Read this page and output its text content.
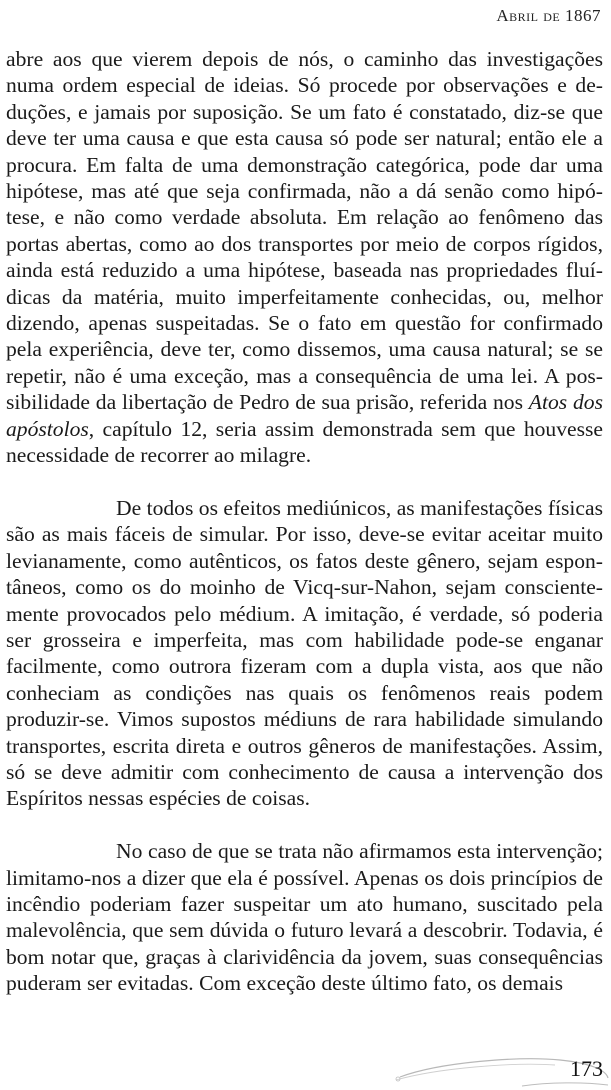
Abril de 1867

abre aos que vierem depois de nós, o caminho das investigações numa ordem especial de ideias. Só procede por observações e deduções, e jamais por suposição. Se um fato é constatado, diz-se que deve ter uma causa e que esta causa só pode ser natural; então ele a procura. Em falta de uma demonstração categórica, pode dar uma hipótese, mas até que seja confirmada, não a dá senão como hipótese, e não como verdade absoluta. Em relação ao fenômeno das portas abertas, como ao dos transportes por meio de corpos rígidos, ainda está reduzido a uma hipótese, baseada nas propriedades fluídicas da matéria, muito imperfeitamente conhecidas, ou, melhor dizendo, apenas suspeitadas. Se o fato em questão for confirmado pela experiência, deve ter, como dissemos, uma causa natural; se se repetir, não é uma exceção, mas a consequência de uma lei. A possibilidade da libertação de Pedro de sua prisão, referida nos Atos dos apóstolos, capítulo 12, seria assim demonstrada sem que houvesse necessidade de recorrer ao milagre.

De todos os efeitos mediúnicos, as manifestações físicas são as mais fáceis de simular. Por isso, deve-se evitar aceitar muito levianamente, como autênticos, os fatos deste gênero, sejam espontâneos, como os do moinho de Vicq-sur-Nahon, sejam conscientemente provocados pelo médium. A imitação, é verdade, só poderia ser grosseira e imperfeita, mas com habilidade pode-se enganar facilmente, como outrora fizeram com a dupla vista, aos que não conheciam as condições nas quais os fenômenos reais podem produzir-se. Vimos supostos médiuns de rara habilidade simulando transportes, escrita direta e outros gêneros de manifestações. Assim, só se deve admitir com conhecimento de causa a intervenção dos Espíritos nessas espécies de coisas.

No caso de que se trata não afirmamos esta intervenção; limitamo-nos a dizer que ela é possível. Apenas os dois princípios de incêndio poderiam fazer suspeitar um ato humano, suscitado pela malevolência, que sem dúvida o futuro levará a descobrir. Todavia, é bom notar que, graças à clarividência da jovem, suas consequências puderam ser evitadas. Com exceção deste último fato, os demais

173
